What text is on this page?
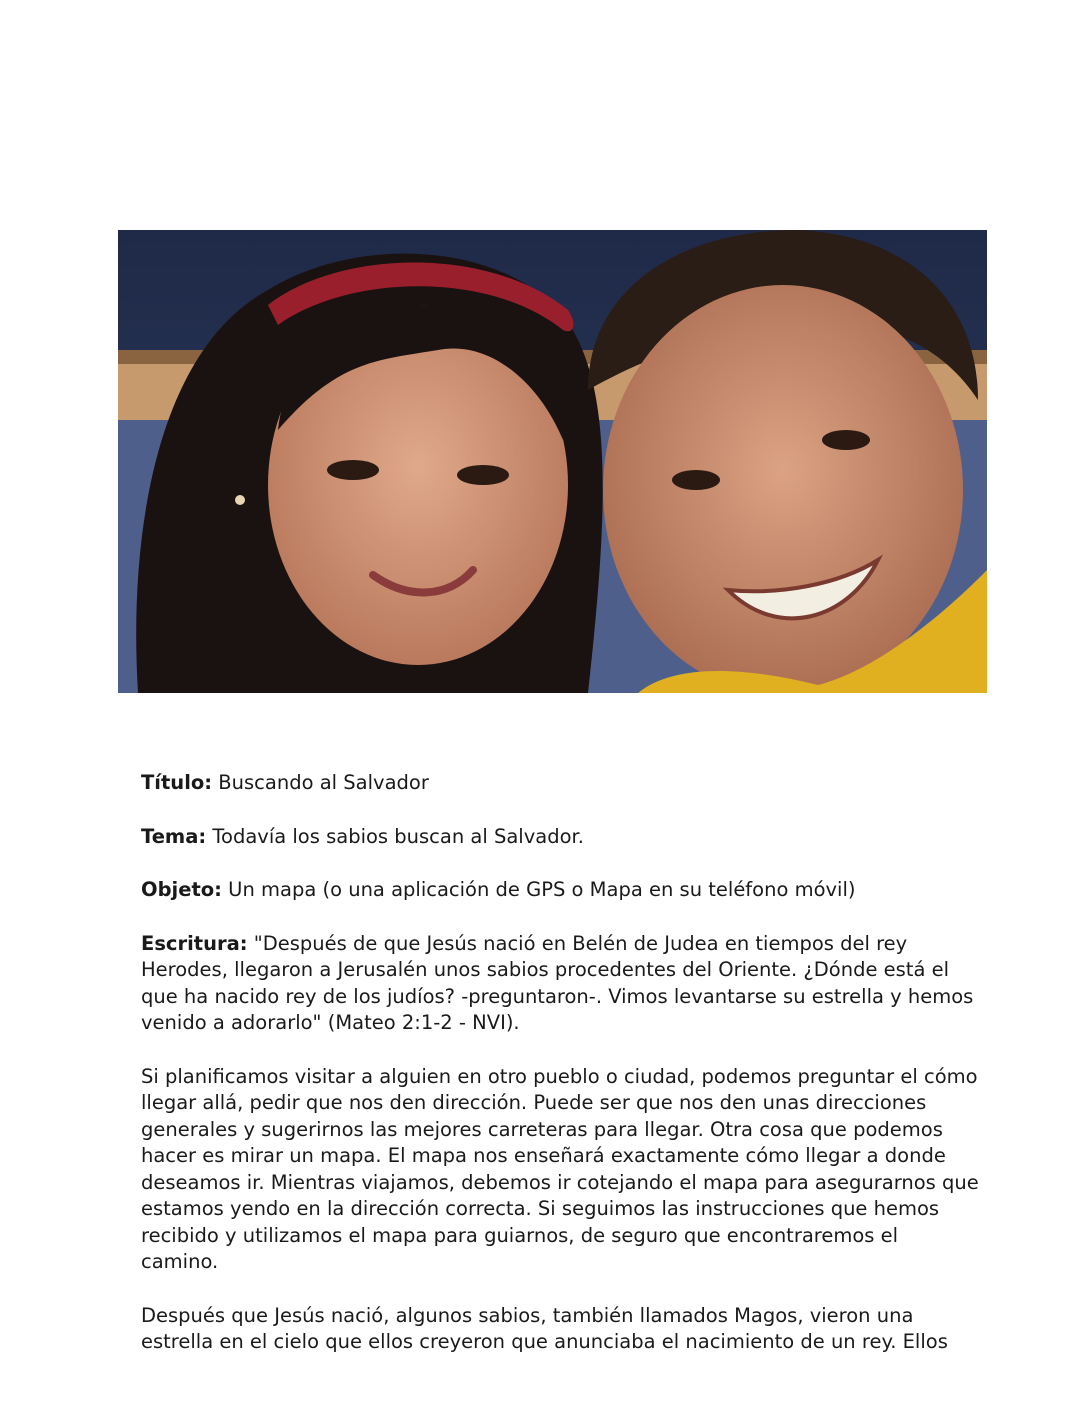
Título: Buscando al Salvador

Tema: Todavía los sabios buscan al Salvador.

Objeto: Un mapa (o una aplicación de GPS o Mapa en su teléfono móvil)

Escritura: "Después de que Jesús nació en Belén de Judea en tiempos del rey
Herodes, llegaron a Jerusalén unos sabios procedentes del Oriente. ¿Dónde está el
que ha nacido rey de los judíos? -preguntaron-. Vimos levantarse su estrella y hemos
venido a adorarlo" (Mateo 2:1-2 - NVI).

Si planificamos visitar a alguien en otro pueblo o ciudad, podemos preguntar el cómo
llegar allá, pedir que nos den dirección. Puede ser que nos den unas direcciones
generales y sugerirnos las mejores carreteras para llegar. Otra cosa que podemos
hacer es mirar un mapa. El mapa nos enseñará exactamente cómo llegar a donde
deseamos ir. Mientras viajamos, debemos ir cotejando el mapa para asegurarnos que
estamos yendo en la dirección correcta. Si seguimos las instrucciones que hemos
recibido y utilizamos el mapa para guiarnos, de seguro que encontraremos el camino.

Después que Jesús nació, algunos sabios, también llamados Magos, vieron una
estrella en el cielo que ellos creyeron que anunciaba el nacimiento de un rey. Ellos
